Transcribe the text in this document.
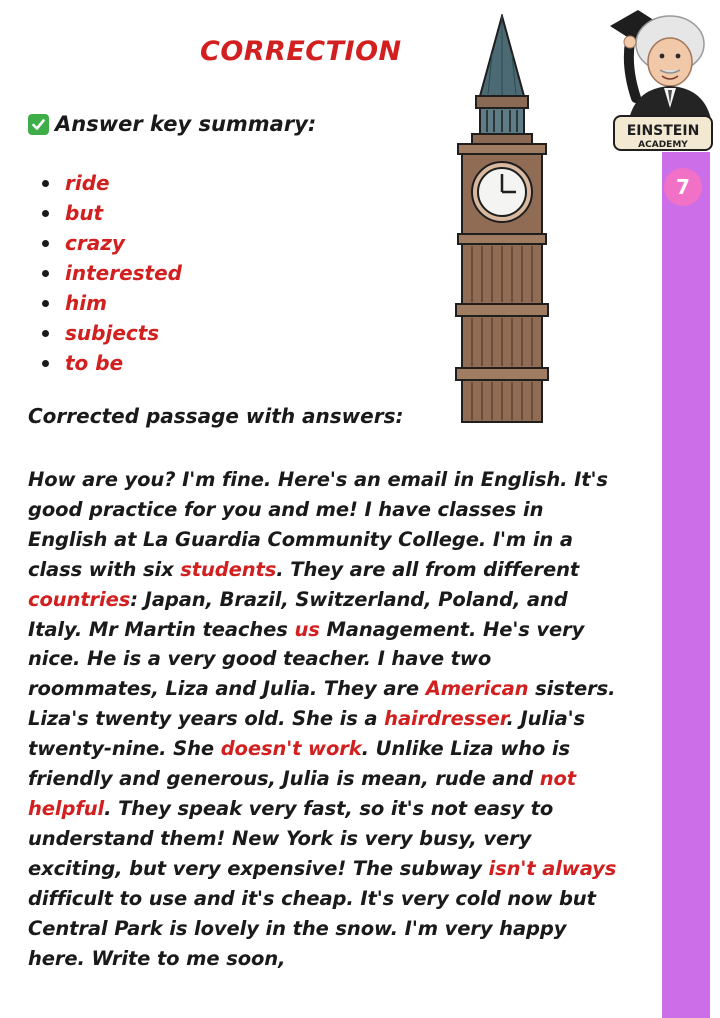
CORRECTION
Answer key summary:
ride
but
crazy
interested
him
subjects
to be
Corrected passage with answers:
How are you? I'm fine. Here's an email in English. It's good practice for you and me! I have classes in English at La Guardia Community College. I'm in a class with six students. They are all from different countries: Japan, Brazil, Switzerland, Poland, and Italy. Mr Martin teaches us Management. He's very nice. He is a very good teacher. I have two roommates, Liza and Julia. They are American sisters. Liza's twenty years old. She is a hairdresser. Julia's twenty-nine. She doesn't work. Unlike Liza who is friendly and generous, Julia is mean, rude and not helpful. They speak very fast, so it's not easy to understand them! New York is very busy, very exciting, but very expensive! The subway isn't always difficult to use and it's cheap. It's very cold now but Central Park is lovely in the snow. I'm very happy here. Write to me soon,
7
EINSTEIN
ACADEMY
